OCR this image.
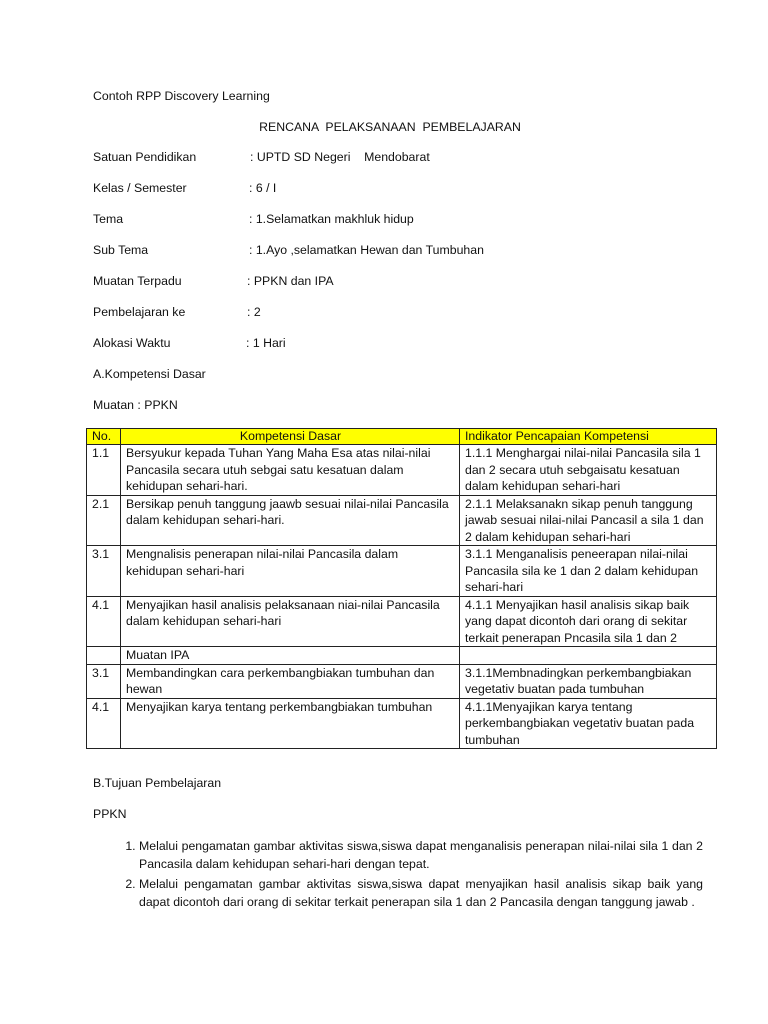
Contoh RPP Discovery Learning
RENCANA  PELAKSANAAN  PEMBELAJARAN
Satuan Pendidikan	: UPTD SD Negeri    Mendobarat
Kelas / Semester	: 6 / I
Tema	: 1.Selamatkan makhluk hidup
Sub Tema	: 1.Ayo ,selamatkan Hewan dan Tumbuhan
Muatan Terpadu	: PPKN dan IPA
Pembelajaran ke	: 2
Alokasi Waktu	: 1 Hari
A.Kompetensi Dasar
Muatan : PPKN
No.	Kompetensi Dasar	Indikator Pencapaian Kompetensi
1.1	Bersyukur kepada Tuhan Yang Maha Esa atas nilai-nilai Pancasila secara utuh sebgai satu kesatuan dalam kehidupan sehari-hari.	1.1.1 Menghargai nilai-nilai Pancasila sila 1 dan 2 secara utuh sebgaisatu kesatuan dalam kehidupan sehari-hari
2.1	Bersikap penuh tanggung jaawb sesuai nilai-nilai Pancasila dalam kehidupan sehari-hari.	2.1.1 Melaksanakn sikap penuh tanggung jawab sesuai nilai-nilai Pancasil a sila 1 dan 2 dalam kehidupan sehari-hari
3.1	Mengnalisis penerapan nilai-nilai Pancasila dalam kehidupan sehari-hari	3.1.1 Menganalisis peneerapan nilai-nilai Pancasila sila ke 1 dan 2 dalam kehidupan sehari-hari
4.1	Menyajikan hasil analisis pelaksanaan niai-nilai Pancasila dalam kehidupan sehari-hari	4.1.1 Menyajikan hasil analisis sikap baik yang dapat dicontoh dari orang di sekitar terkait penerapan Pncasila sila 1 dan 2
	Muatan IPA	
3.1	Membandingkan cara perkembangbiakan tumbuhan dan hewan	3.1.1Membnadingkan perkembangbiakan vegetativ buatan pada tumbuhan
4.1	Menyajikan karya tentang perkembangbiakan tumbuhan	4.1.1Menyajikan karya tentang perkembangbiakan vegetativ buatan pada tumbuhan
B.Tujuan Pembelajaran
PPKN
1. Melalui pengamatan gambar aktivitas siswa,siswa dapat menganalisis penerapan nilai-nilai sila 1 dan 2 Pancasila dalam kehidupan sehari-hari dengan tepat.
2. Melalui pengamatan gambar aktivitas siswa,siswa dapat menyajikan hasil analisis sikap baik yang dapat dicontoh dari orang di sekitar terkait penerapan sila 1 dan 2 Pancasila dengan tanggung jawab .
